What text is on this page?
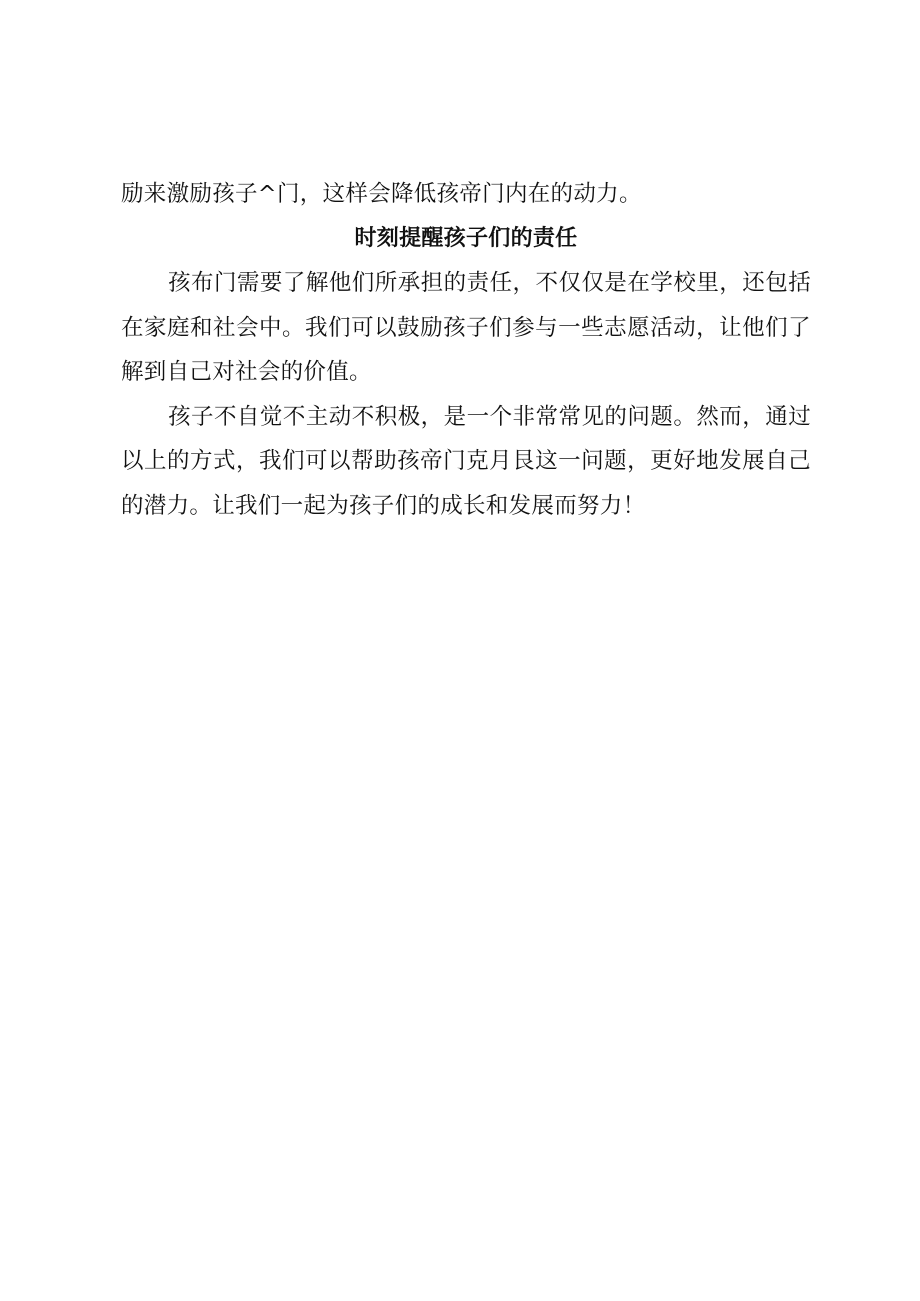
励来激励孩子^门，这样会降低孩帝门内在的动力。

时刻提醒孩子们的责任

孩布门需要了解他们所承担的责任，不仅仅是在学校里，还包括在家庭和社会中。我们可以鼓励孩子们参与一些志愿活动，让他们了解到自己对社会的价值。

孩子不自觉不主动不积极，是一个非常常见的问题。然而，通过以上的方式，我们可以帮助孩帝门克月艮这一问题，更好地发展自己的潜力。让我们一起为孩子们的成长和发展而努力！
